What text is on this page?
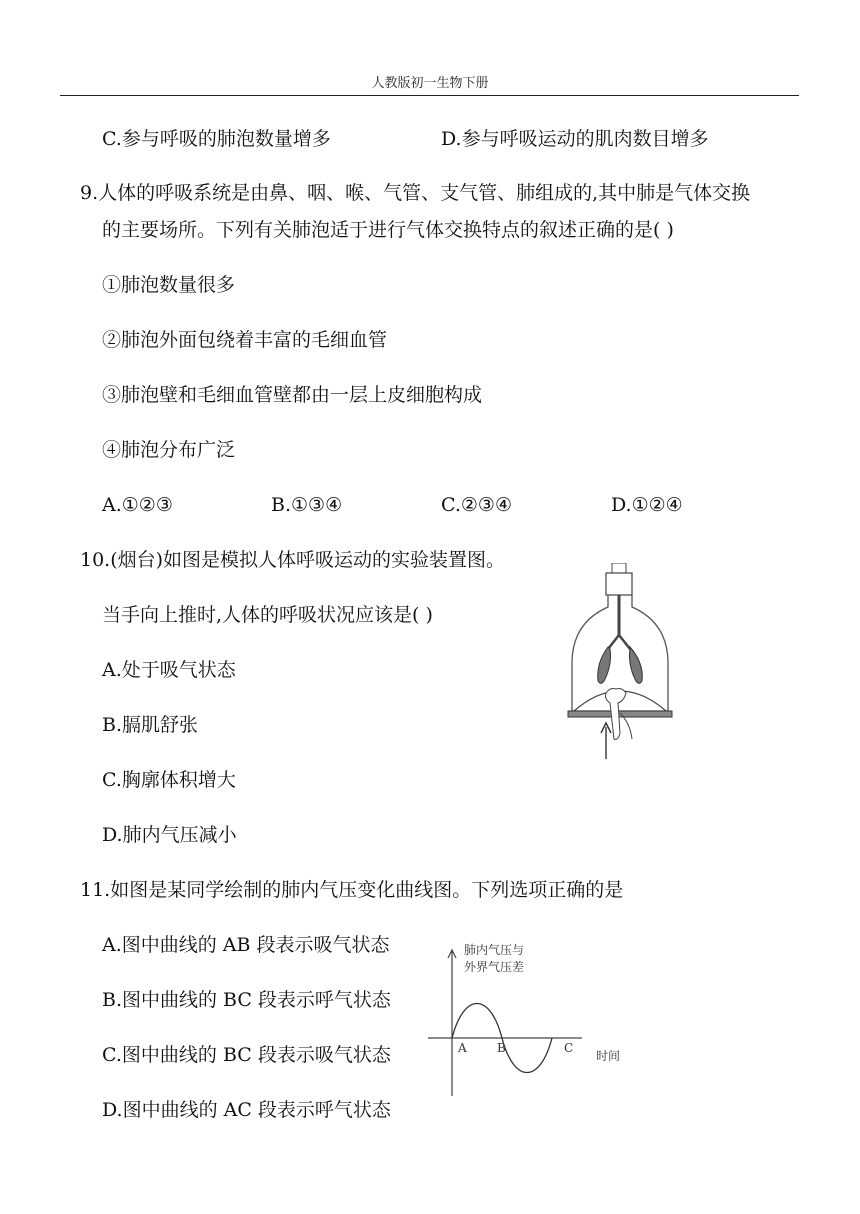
人教版初一生物下册
C.参与呼吸的肺泡数量增多	D.参与呼吸运动的肌肉数目增多
9.人体的呼吸系统是由鼻、咽、喉、气管、支气管、肺组成的,其中肺是气体交换
的主要场所。下列有关肺泡适于进行气体交换特点的叙述正确的是( )
①肺泡数量很多
②肺泡外面包绕着丰富的毛细血管
③肺泡壁和毛细血管壁都由一层上皮细胞构成
④肺泡分布广泛
A.①②③	B.①③④	C.②③④	D.①②④
10.(烟台)如图是模拟人体呼吸运动的实验装置图。
当手向上推时,人体的呼吸状况应该是( )
A.处于吸气状态
B.膈肌舒张
C.胸廓体积增大
D.肺内气压减小
11.如图是某同学绘制的肺内气压变化曲线图。下列选项正确的是
A.图中曲线的 AB 段表示吸气状态
B.图中曲线的 BC 段表示呼气状态
C.图中曲线的 BC 段表示吸气状态
D.图中曲线的 AC 段表示呼气状态
肺内气压与
外界气压差
A	B	C
时间
